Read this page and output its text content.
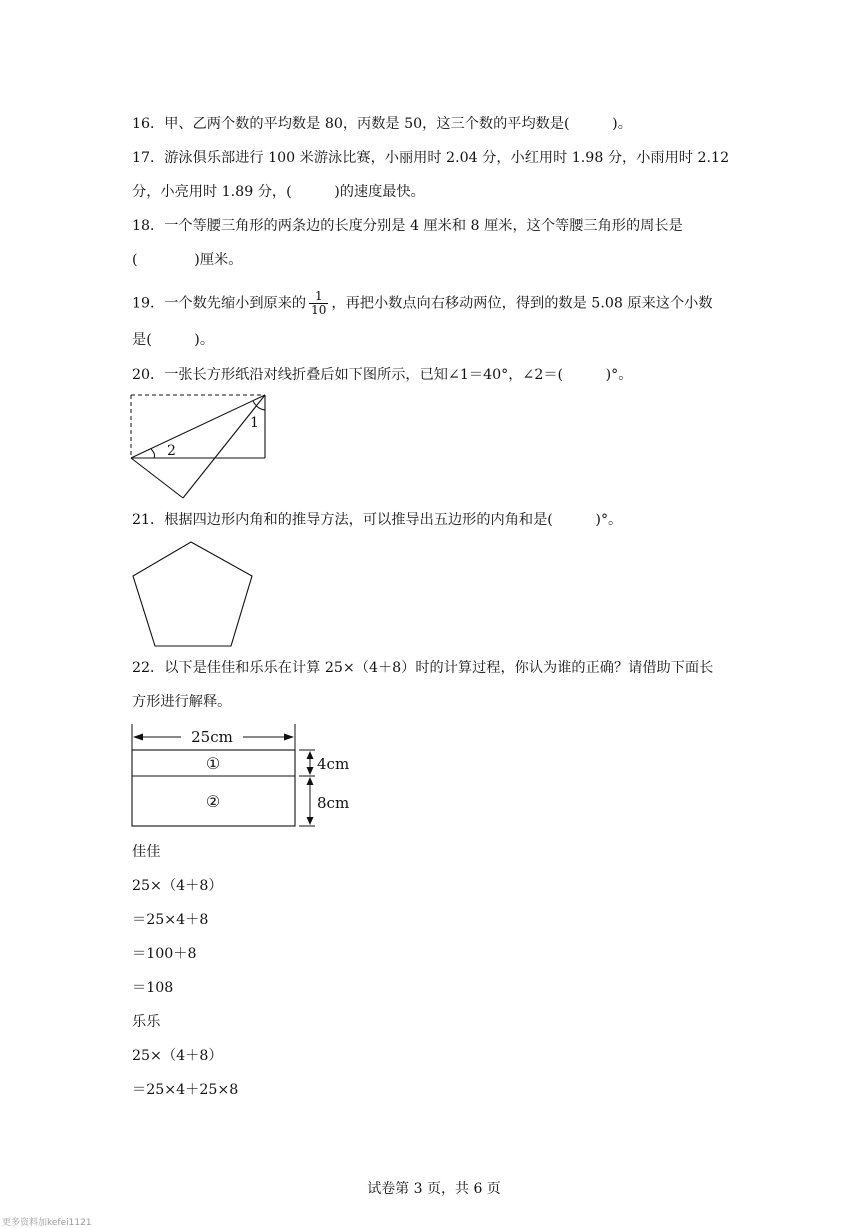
16．甲、乙两个数的平均数是 80，丙数是 50，这三个数的平均数是(　　　)。
17．游泳俱乐部进行 100 米游泳比赛，小丽用时 2.04 分，小红用时 1.98 分，小雨用时 2.12
分，小亮用时 1.89 分，(　　　)的速度最快。
18．一个等腰三角形的两条边的长度分别是 4 厘米和 8 厘米，这个等腰三角形的周长是
(　　　　)厘米。
19．一个数先缩小到原来的 $\frac{1}{10}$ ，再把小数点向右移动两位，得到的数是 5.08 原来这个小数
是(　　　)。
20．一张长方形纸沿对线折叠后如下图所示，已知∠1＝40°，∠2＝(　　　)°。
1
2
21．根据四边形内角和的推导方法，可以推导出五边形的内角和是(　　　)°。
22．以下是佳佳和乐乐在计算 25×（4＋8）时的计算过程，你认为谁的正确？请借助下面长
方形进行解释。
25cm
①
②
4cm
8cm
佳佳
25×（4＋8）
＝25×4＋8
＝100＋8
＝108
乐乐
25×（4＋8）
＝25×4＋25×8
试卷第 3 页，共 6 页
更多资料加kefei1121
